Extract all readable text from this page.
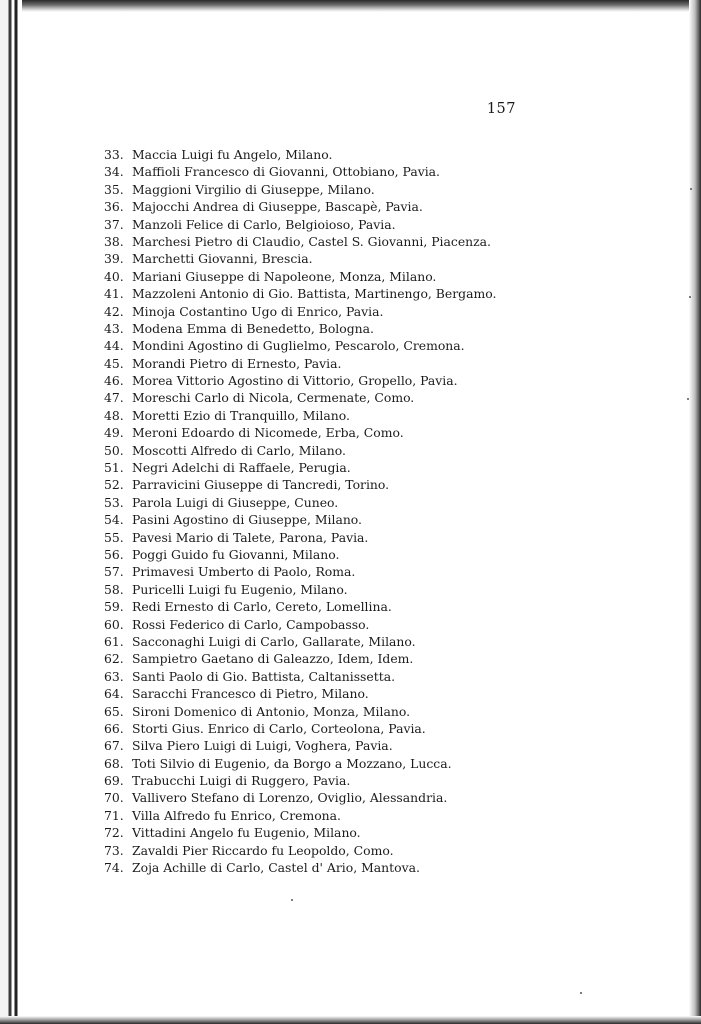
157
33. Maccia Luigi fu Angelo, Milano.
34. Maffioli Francesco di Giovanni, Ottobiano, Pavia.
35. Maggioni Virgilio di Giuseppe, Milano.
36. Majocchi Andrea di Giuseppe, Bascapè, Pavia.
37. Manzoli Felice di Carlo, Belgioioso, Pavia.
38. Marchesi Pietro di Claudio, Castel S. Giovanni, Piacenza.
39. Marchetti Giovanni, Brescia.
40. Mariani Giuseppe di Napoleone, Monza, Milano.
41. Mazzoleni Antonio di Gio. Battista, Martinengo, Bergamo.
42. Minoja Costantino Ugo di Enrico, Pavia.
43. Modena Emma di Benedetto, Bologna.
44. Mondini Agostino di Guglielmo, Pescarolo, Cremona.
45. Morandi Pietro di Ernesto, Pavia.
46. Morea Vittorio Agostino di Vittorio, Gropello, Pavia.
47. Moreschi Carlo di Nicola, Cermenate, Como.
48. Moretti Ezio di Tranquillo, Milano.
49. Meroni Edoardo di Nicomede, Erba, Como.
50. Moscotti Alfredo di Carlo, Milano.
51. Negri Adelchi di Raffaele, Perugia.
52. Parravicini Giuseppe di Tancredi, Torino.
53. Parola Luigi di Giuseppe, Cuneo.
54. Pasini Agostino di Giuseppe, Milano.
55. Pavesi Mario di Talete, Parona, Pavia.
56. Poggi Guido fu Giovanni, Milano.
57. Primavesi Umberto di Paolo, Roma.
58. Puricelli Luigi fu Eugenio, Milano.
59. Redi Ernesto di Carlo, Cereto, Lomellina.
60. Rossi Federico di Carlo, Campobasso.
61. Sacconaghi Luigi di Carlo, Gallarate, Milano.
62. Sampietro Gaetano di Galeazzo, Idem, Idem.
63. Santi Paolo di Gio. Battista, Caltanissetta.
64. Saracchi Francesco di Pietro, Milano.
65. Sironi Domenico di Antonio, Monza, Milano.
66. Storti Gius. Enrico di Carlo, Corteolona, Pavia.
67. Silva Piero Luigi di Luigi, Voghera, Pavia.
68. Toti Silvio di Eugenio, da Borgo a Mozzano, Lucca.
69. Trabucchi Luigi di Ruggero, Pavia.
70. Vallivero Stefano di Lorenzo, Oviglio, Alessandria.
71. Villa Alfredo fu Enrico, Cremona.
72. Vittadini Angelo fu Eugenio, Milano.
73. Zavaldi Pier Riccardo fu Leopoldo, Como.
74. Zoja Achille di Carlo, Castel d' Ario, Mantova.
